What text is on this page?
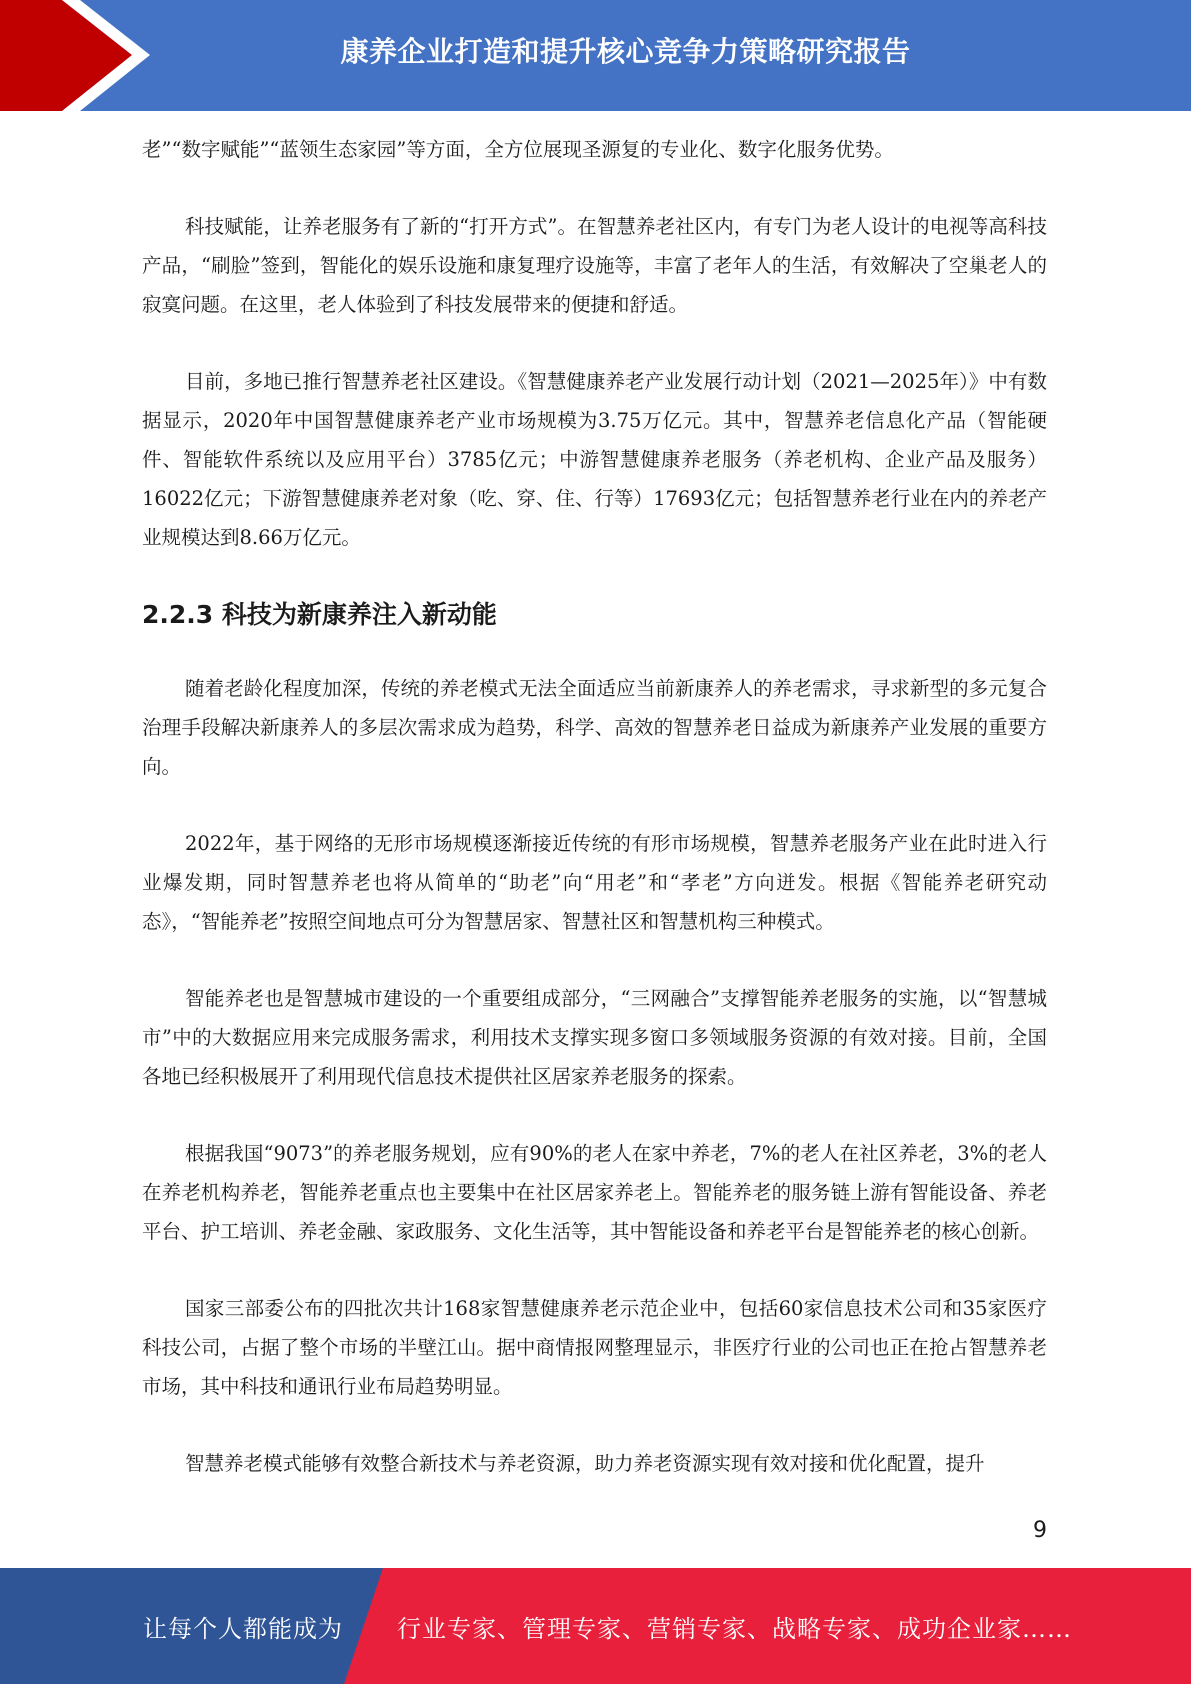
康养企业打造和提升核心竞争力策略研究报告

老”“数字赋能”“蓝领生态家园”等方面，全方位展现圣源复的专业化、数字化服务优势。

科技赋能，让养老服务有了新的“打开方式”。在智慧养老社区内，有专门为老人设计的电视等高科技产品，“刷脸”签到，智能化的娱乐设施和康复理疗设施等，丰富了老年人的生活，有效解决了空巢老人的寂寞问题。在这里，老人体验到了科技发展带来的便捷和舒适。

目前，多地已推行智慧养老社区建设。《智慧健康养老产业发展行动计划（2021—2025年）》中有数据显示，2020年中国智慧健康养老产业市场规模为3.75万亿元。其中，智慧养老信息化产品（智能硬件、智能软件系统以及应用平台）3785亿元；中游智慧健康养老服务（养老机构、企业产品及服务）16022亿元；下游智慧健康养老对象（吃、穿、住、行等）17693亿元；包括智慧养老行业在内的养老产业规模达到8.66万亿元。

2.2.3 科技为新康养注入新动能

随着老龄化程度加深，传统的养老模式无法全面适应当前新康养人的养老需求，寻求新型的多元复合治理手段解决新康养人的多层次需求成为趋势，科学、高效的智慧养老日益成为新康养产业发展的重要方向。

2022年，基于网络的无形市场规模逐渐接近传统的有形市场规模，智慧养老服务产业在此时进入行业爆发期，同时智慧养老也将从简单的“助老”向“用老”和“孝老”方向迸发。根据《智能养老研究动态》，“智能养老”按照空间地点可分为智慧居家、智慧社区和智慧机构三种模式。

智能养老也是智慧城市建设的一个重要组成部分，“三网融合”支撑智能养老服务的实施，以“智慧城市”中的大数据应用来完成服务需求，利用技术支撑实现多窗口多领域服务资源的有效对接。目前，全国各地已经积极展开了利用现代信息技术提供社区居家养老服务的探索。

根据我国“9073”的养老服务规划，应有90%的老人在家中养老，7%的老人在社区养老，3%的老人在养老机构养老，智能养老重点也主要集中在社区居家养老上。智能养老的服务链上游有智能设备、养老平台、护工培训、养老金融、家政服务、文化生活等，其中智能设备和养老平台是智能养老的核心创新。

国家三部委公布的四批次共计168家智慧健康养老示范企业中，包括60家信息技术公司和35家医疗科技公司，占据了整个市场的半壁江山。据中商情报网整理显示，非医疗行业的公司也正在抢占智慧养老市场，其中科技和通讯行业布局趋势明显。

智慧养老模式能够有效整合新技术与养老资源，助力养老资源实现有效对接和优化配置，提升

9
让每个人都能成为 行业专家、管理专家、营销专家、战略专家、成功企业家……
